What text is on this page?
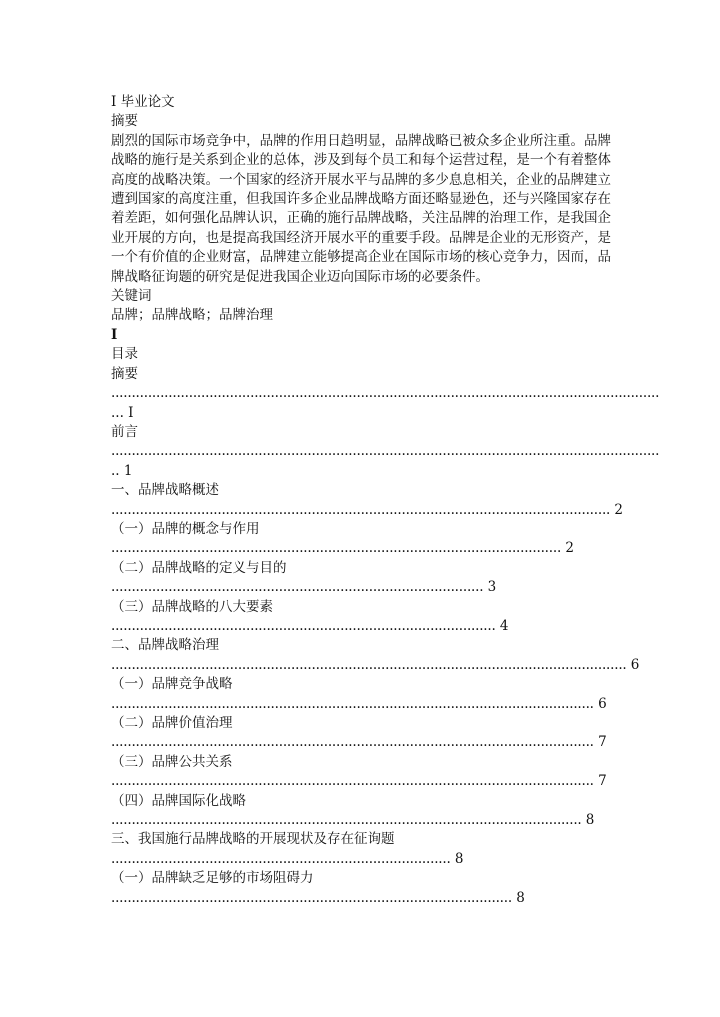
I 毕业论文
摘要
剧烈的国际市场竞争中，品牌的作用日趋明显，品牌战略已被众多企业所注重。品牌战略的施行是关系到企业的总体，涉及到每个员工和每个运营过程，是一个有着整体高度的战略决策。一个国家的经济开展水平与品牌的多少息息相关，企业的品牌建立遭到国家的高度注重，但我国许多企业品牌战略方面还略显逊色，还与兴隆国家存在着差距，如何强化品牌认识，正确的施行品牌战略，关注品牌的治理工作，是我国企业开展的方向，也是提高我国经济开展水平的重要手段。品牌是企业的无形资产，是一个有价值的企业财富，品牌建立能够提高企业在国际市场的核心竞争力，因而，品牌战略征询题的研究是促进我国企业迈向国际市场的必要条件。
关键词
品牌；品牌战略；品牌治理
I
目录
摘要
......................................................................................................................................
... I
前言
......................................................................................................................................
.. 1
一、品牌战略概述
.......................................................................................................................... 2
（一）品牌的概念与作用
.............................................................................................................. 2
（二）品牌战略的定义与目的
........................................................................................... 3
（三）品牌战略的八大要素
.............................................................................................. 4
二、品牌战略治理
.............................................................................................................................. 6
（一）品牌竞争战略
...................................................................................................................... 6
（二）品牌价值治理
...................................................................................................................... 7
（三）品牌公共关系
...................................................................................................................... 7
（四）品牌国际化战略
................................................................................................................... 8
三、我国施行品牌战略的开展现状及存在征询题
................................................................................... 8
（一）品牌缺乏足够的市场阻碍力
.................................................................................................. 8
